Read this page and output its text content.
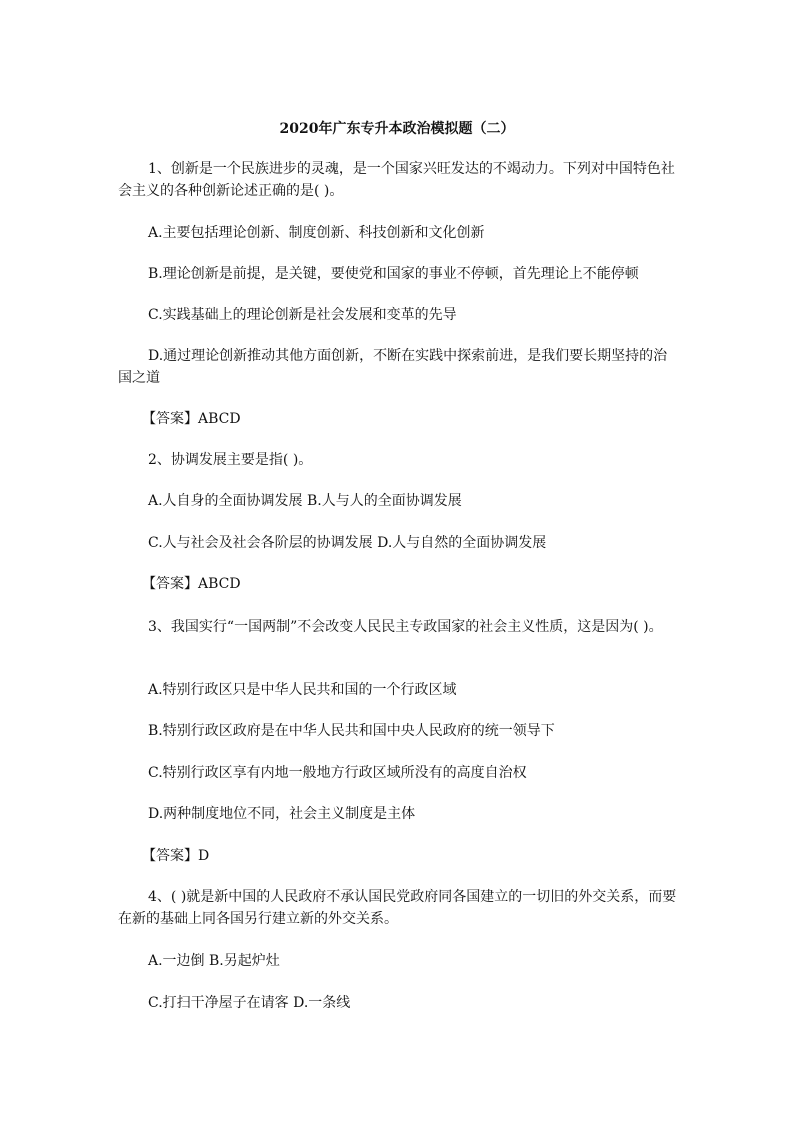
2020年广东专升本政治模拟题（二）

1、创新是一个民族进步的灵魂，是一个国家兴旺发达的不竭动力。下列对中国特色社会主义的各种创新论述正确的是( )。

A.主要包括理论创新、制度创新、科技创新和文化创新

B.理论创新是前提，是关键，要使党和国家的事业不停顿，首先理论上不能停顿

C.实践基础上的理论创新是社会发展和变革的先导

D.通过理论创新推动其他方面创新，不断在实践中探索前进，是我们要长期坚持的治国之道

【答案】ABCD

2、协调发展主要是指( )。

A.人自身的全面协调发展 B.人与人的全面协调发展

C.人与社会及社会各阶层的协调发展 D.人与自然的全面协调发展

【答案】ABCD

3、我国实行“一国两制”不会改变人民民主专政国家的社会主义性质，这是因为( )。

A.特别行政区只是中华人民共和国的一个行政区域

B.特别行政区政府是在中华人民共和国中央人民政府的统一领导下

C.特别行政区享有内地一般地方行政区域所没有的高度自治权

D.两种制度地位不同，社会主义制度是主体

【答案】D

4、( )就是新中国的人民政府不承认国民党政府同各国建立的一切旧的外交关系，而要在新的基础上同各国另行建立新的外交关系。

A.一边倒 B.另起炉灶

C.打扫干净屋子在请客 D.一条线
